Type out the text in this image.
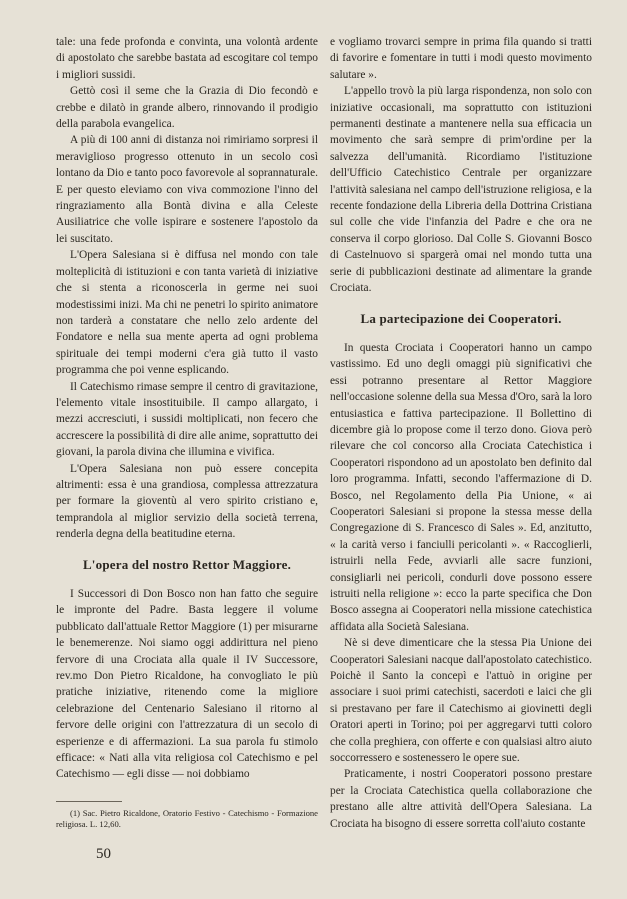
tale: una fede profonda e convinta, una volontà ardente di apostolato che sarebbe bastata ad escogitare col tempo i migliori sussidi.

Gettò così il seme che la Grazia di Dio fecondò e crebbe e dilatò in grande albero, rinnovando il prodigio della parabola evangelica.

A più di 100 anni di distanza noi rimiriamo sorpresi il meraviglioso progresso ottenuto in un secolo così lontano da Dio e tanto poco favorevole al soprannaturale. E per questo eleviamo con viva commozione l'inno del ringraziamento alla Bontà divina e alla Celeste Ausiliatrice che volle ispirare e sostenere l'apostolo da lei suscitato.

L'Opera Salesiana si è diffusa nel mondo con tale molteplicità di istituzioni e con tanta varietà di iniziative che si stenta a riconoscerla in germe nei suoi modestissimi inizi. Ma chi ne penetri lo spirito animatore non tarderà a constatare che nello zelo ardente del Fondatore e nella sua mente aperta ad ogni problema spirituale dei tempi moderni c'era già tutto il vasto programma che poi venne esplicando.

Il Catechismo rimase sempre il centro di gravitazione, l'elemento vitale insostituibile. Il campo allargato, i mezzi accresciuti, i sussidi moltiplicati, non fecero che accrescere la possibilità di dire alle anime, soprattutto dei giovani, la parola divina che illumina e vivifica.

L'Opera Salesiana non può essere concepita altrimenti: essa è una grandiosa, complessa attrezzatura per formare la gioventù al vero spirito cristiano e, temprandola al miglior servizio della società terrena, renderla degna della beatitudine eterna.

L'opera del nostro Rettor Maggiore.

I Successori di Don Bosco non han fatto che seguire le impronte del Padre. Basta leggere il volume pubblicato dall'attuale Rettor Maggiore (1) per misurarne le benemerenze. Noi siamo oggi addirittura nel pieno fervore di una Crociata alla quale il IV Successore, rev.mo Don Pietro Ricaldone, ha convogliato le più pratiche iniziative, ritenendo come la migliore celebrazione del Centenario Salesiano il ritorno al fervore delle origini con l'attrezzatura di un secolo di esperienze e di affermazioni. La sua parola fu stimolo efficace: « Nati alla vita religiosa col Catechismo e pel Catechismo — egli disse — noi dobbiamo

(1) Sac. Pietro Ricaldone, Oratorio Festivo - Catechismo - Formazione religiosa. L. 12,60.

e vogliamo trovarci sempre in prima fila quando si tratti di favorire e fomentare in tutti i modi questo movimento salutare ».

L'appello trovò la più larga rispondenza, non solo con iniziative occasionali, ma soprattutto con istituzioni permanenti destinate a mantenere nella sua efficacia un movimento che sarà sempre di prim'ordine per la salvezza dell'umanità. Ricordiamo l'istituzione dell'Ufficio Catechistico Centrale per organizzare l'attività salesiana nel campo dell'istruzione religiosa, e la recente fondazione della Libreria della Dottrina Cristiana sul colle che vide l'infanzia del Padre e che ora ne conserva il corpo glorioso. Dal Colle S. Giovanni Bosco di Castelnuovo si spargerà omai nel mondo tutta una serie di pubblicazioni destinate ad alimentare la grande Crociata.

La partecipazione dei Cooperatori.

In questa Crociata i Cooperatori hanno un campo vastissimo. Ed uno degli omaggi più significativi che essi potranno presentare al Rettor Maggiore nell'occasione solenne della sua Messa d'Oro, sarà la loro entusiastica e fattiva partecipazione. Il Bollettino di dicembre già lo propose come il terzo dono. Giova però rilevare che col concorso alla Crociata Catechistica i Cooperatori rispondono ad un apostolato ben definito dal loro programma. Infatti, secondo l'affermazione di D. Bosco, nel Regolamento della Pia Unione, « ai Cooperatori Salesiani si propone la stessa messe della Congregazione di S. Francesco di Sales ». Ed, anzitutto, « la carità verso i fanciulli pericolanti ». « Raccoglierli, istruirli nella Fede, avviarli alle sacre funzioni, consigliarli nei pericoli, condurli dove possono essere istruiti nella religione »: ecco la parte specifica che Don Bosco assegna ai Cooperatori nella missione catechistica affidata alla Società Salesiana.

Nè si deve dimenticare che la stessa Pia Unione dei Cooperatori Salesiani nacque dall'apostolato catechistico. Poichè il Santo la concepì e l'attuò in origine per associare i suoi primi catechisti, sacerdoti e laici che gli si prestavano per fare il Catechismo ai giovinetti degli Oratori aperti in Torino; poi per aggregarvi tutti coloro che colla preghiera, con offerte e con qualsiasi altro aiuto soccorressero e sostenessero le opere sue.

Praticamente, i nostri Cooperatori possono prestare per la Crociata Catechistica quella collaborazione che prestano alle altre attività dell'Opera Salesiana. La Crociata ha bisogno di essere sorretta coll'aiuto costante

50
